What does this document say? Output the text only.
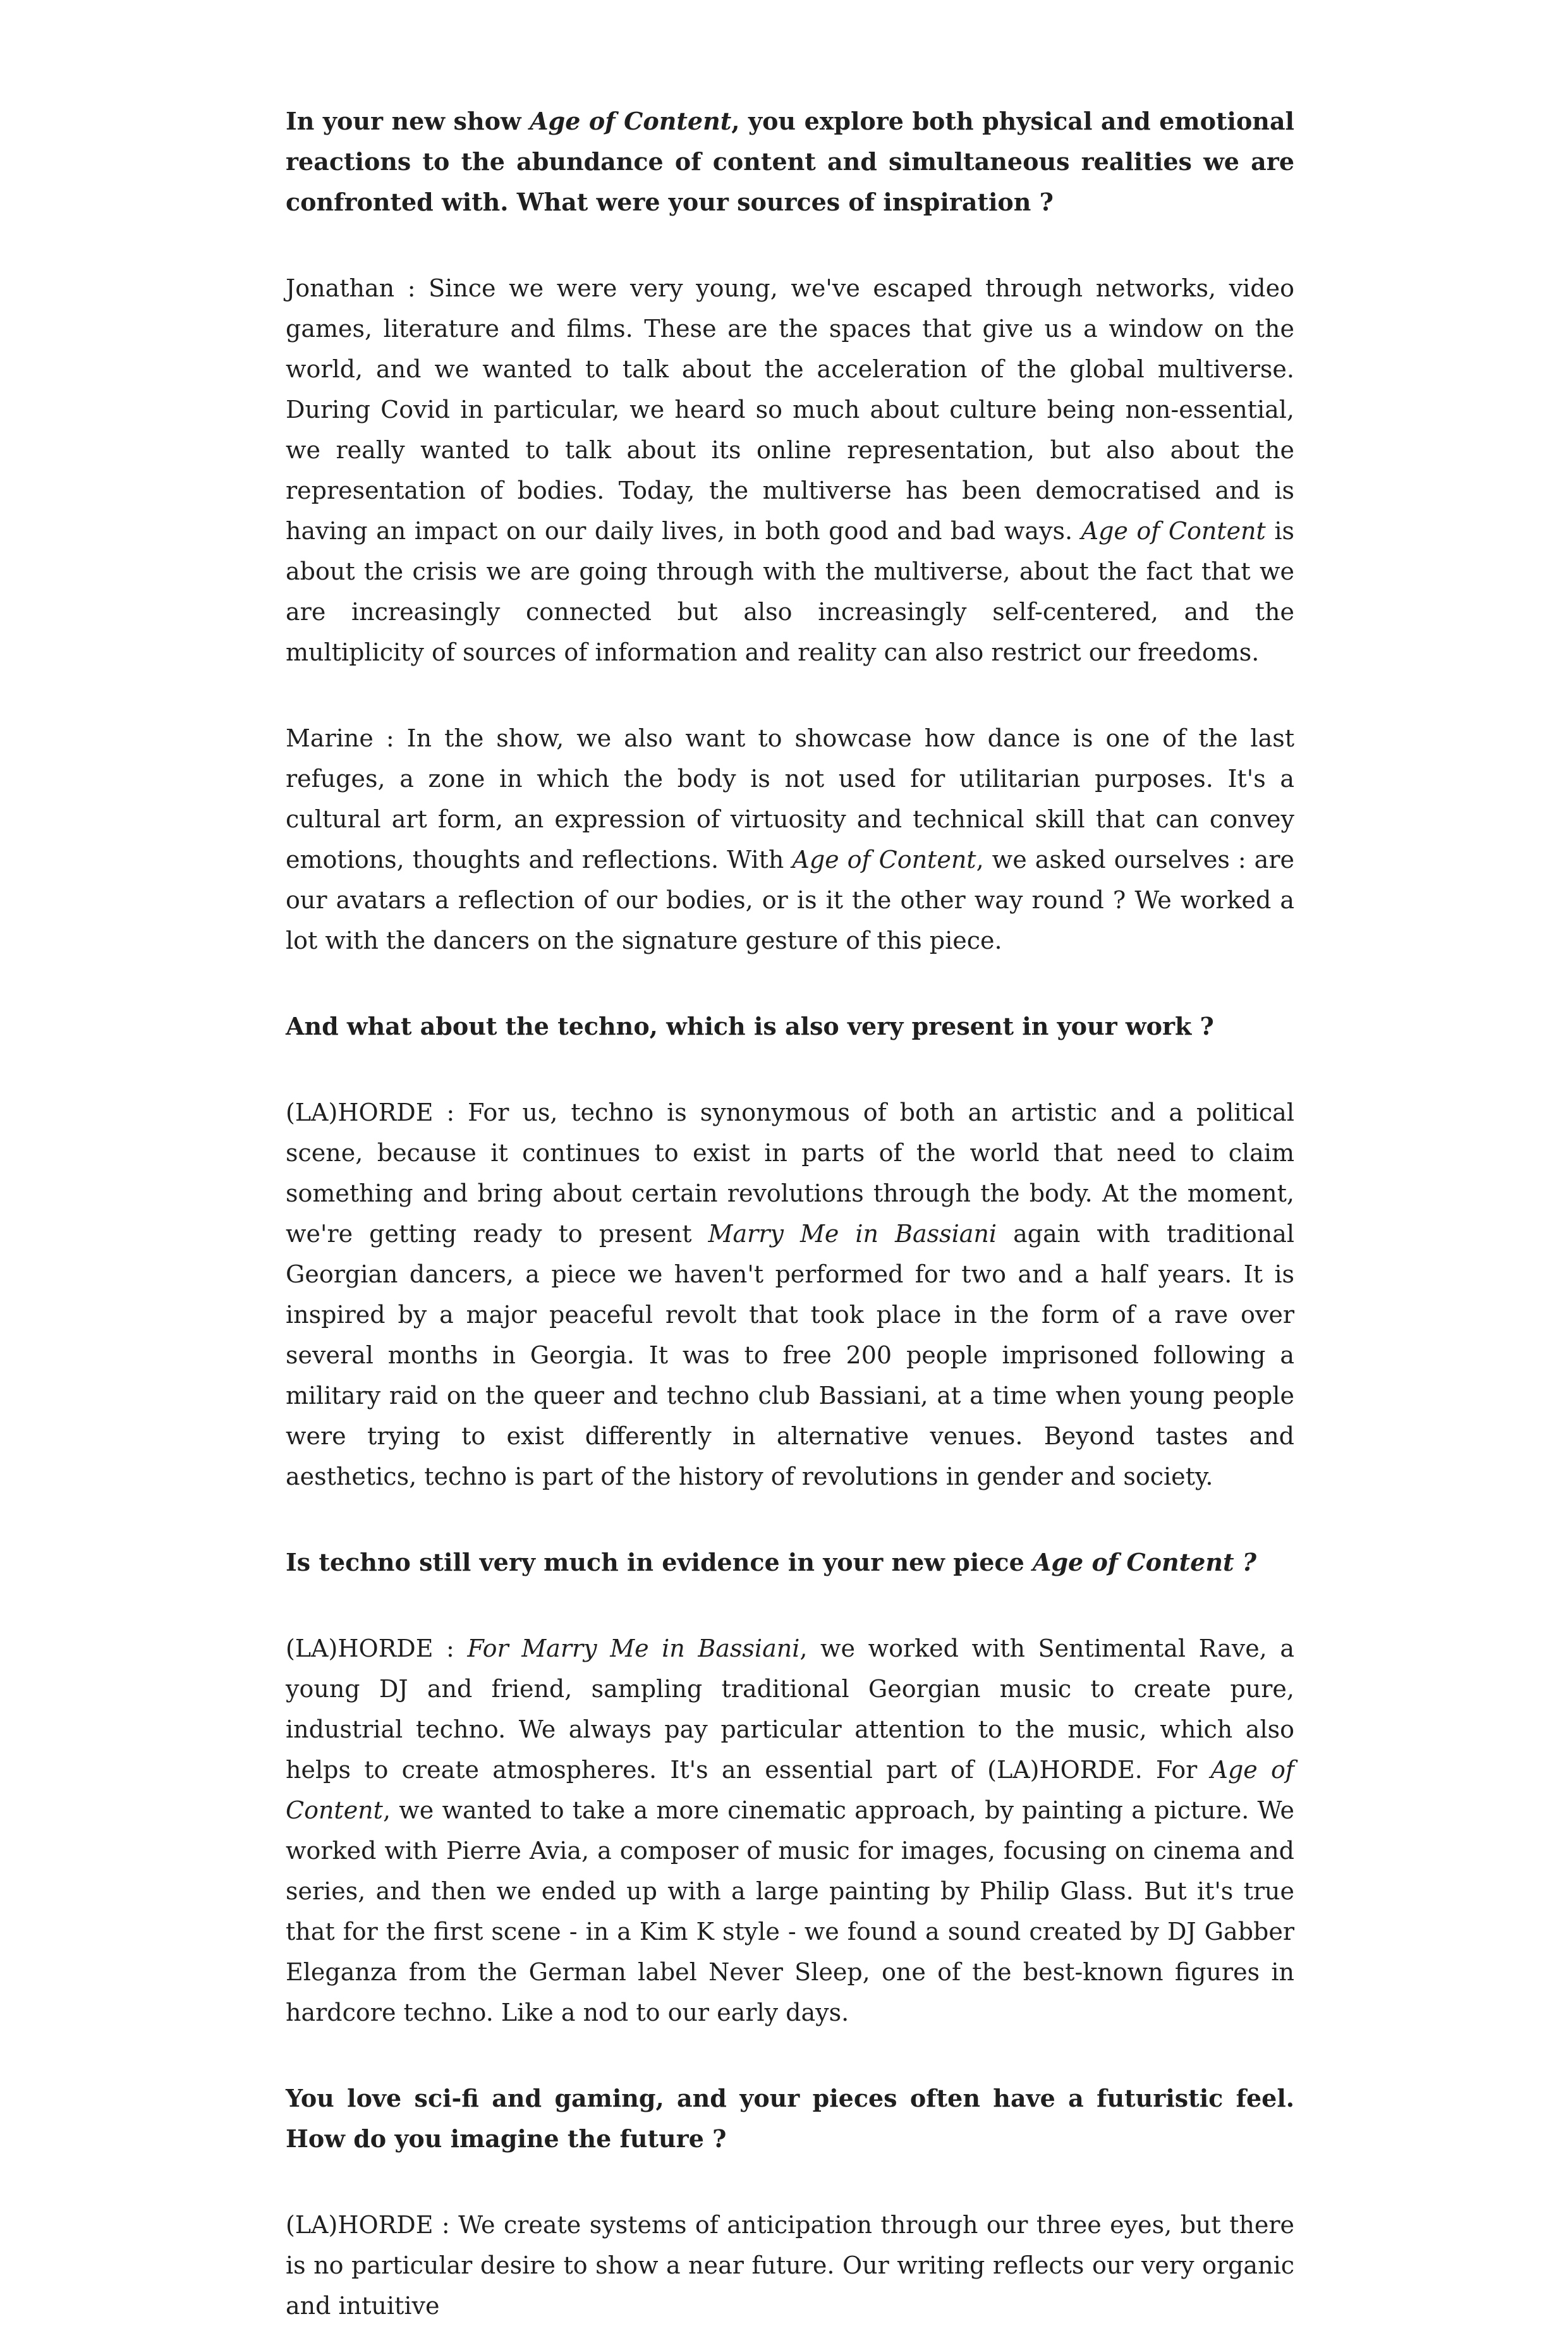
In your new show Age of Content, you explore both physical and emotional reactions to the abundance of content and simultaneous realities we are confronted with. What were your sources of inspiration ?

Jonathan : Since we were very young, we've escaped through networks, video games, literature and films. These are the spaces that give us a window on the world, and we wanted to talk about the acceleration of the global multiverse. During Covid in particular, we heard so much about culture being non-essential, we really wanted to talk about its online representation, but also about the representation of bodies. Today, the multiverse has been democratised and is having an impact on our daily lives, in both good and bad ways. Age of Content is about the crisis we are going through with the multiverse, about the fact that we are increasingly connected but also increasingly self-centered, and the multiplicity of sources of information and reality can also restrict our freedoms.

Marine : In the show, we also want to showcase how dance is one of the last refuges, a zone in which the body is not used for utilitarian purposes. It's a cultural art form, an expression of virtuosity and technical skill that can convey emotions, thoughts and reflections. With Age of Content, we asked ourselves : are our avatars a reflection of our bodies, or is it the other way round ? We worked a lot with the dancers on the signature gesture of this piece.

And what about the techno, which is also very present in your work ?

(LA)HORDE : For us, techno is synonymous of both an artistic and a political scene, because it continues to exist in parts of the world that need to claim something and bring about certain revolutions through the body. At the moment, we're getting ready to present Marry Me in Bassiani again with traditional Georgian dancers, a piece we haven't performed for two and a half years. It is inspired by a major peaceful revolt that took place in the form of a rave over several months in Georgia. It was to free 200 people imprisoned following a military raid on the queer and techno club Bassiani, at a time when young people were trying to exist differently in alternative venues. Beyond tastes and aesthetics, techno is part of the history of revolutions in gender and society.

Is techno still very much in evidence in your new piece Age of Content ?

(LA)HORDE : For Marry Me in Bassiani, we worked with Sentimental Rave, a young DJ and friend, sampling traditional Georgian music to create pure, industrial techno. We always pay particular attention to the music, which also helps to create atmospheres. It's an essential part of (LA)HORDE. For Age of Content, we wanted to take a more cinematic approach, by painting a picture. We worked with Pierre Avia, a composer of music for images, focusing on cinema and series, and then we ended up with a large painting by Philip Glass. But it's true that for the first scene - in a Kim K style - we found a sound created by DJ Gabber Eleganza from the German label Never Sleep, one of the best-known figures in hardcore techno. Like a nod to our early days.

You love sci-fi and gaming, and your pieces often have a futuristic feel. How do you imagine the future ?

(LA)HORDE : We create systems of anticipation through our three eyes, but there is no particular desire to show a near future. Our writing reflects our very organic and intuitive
